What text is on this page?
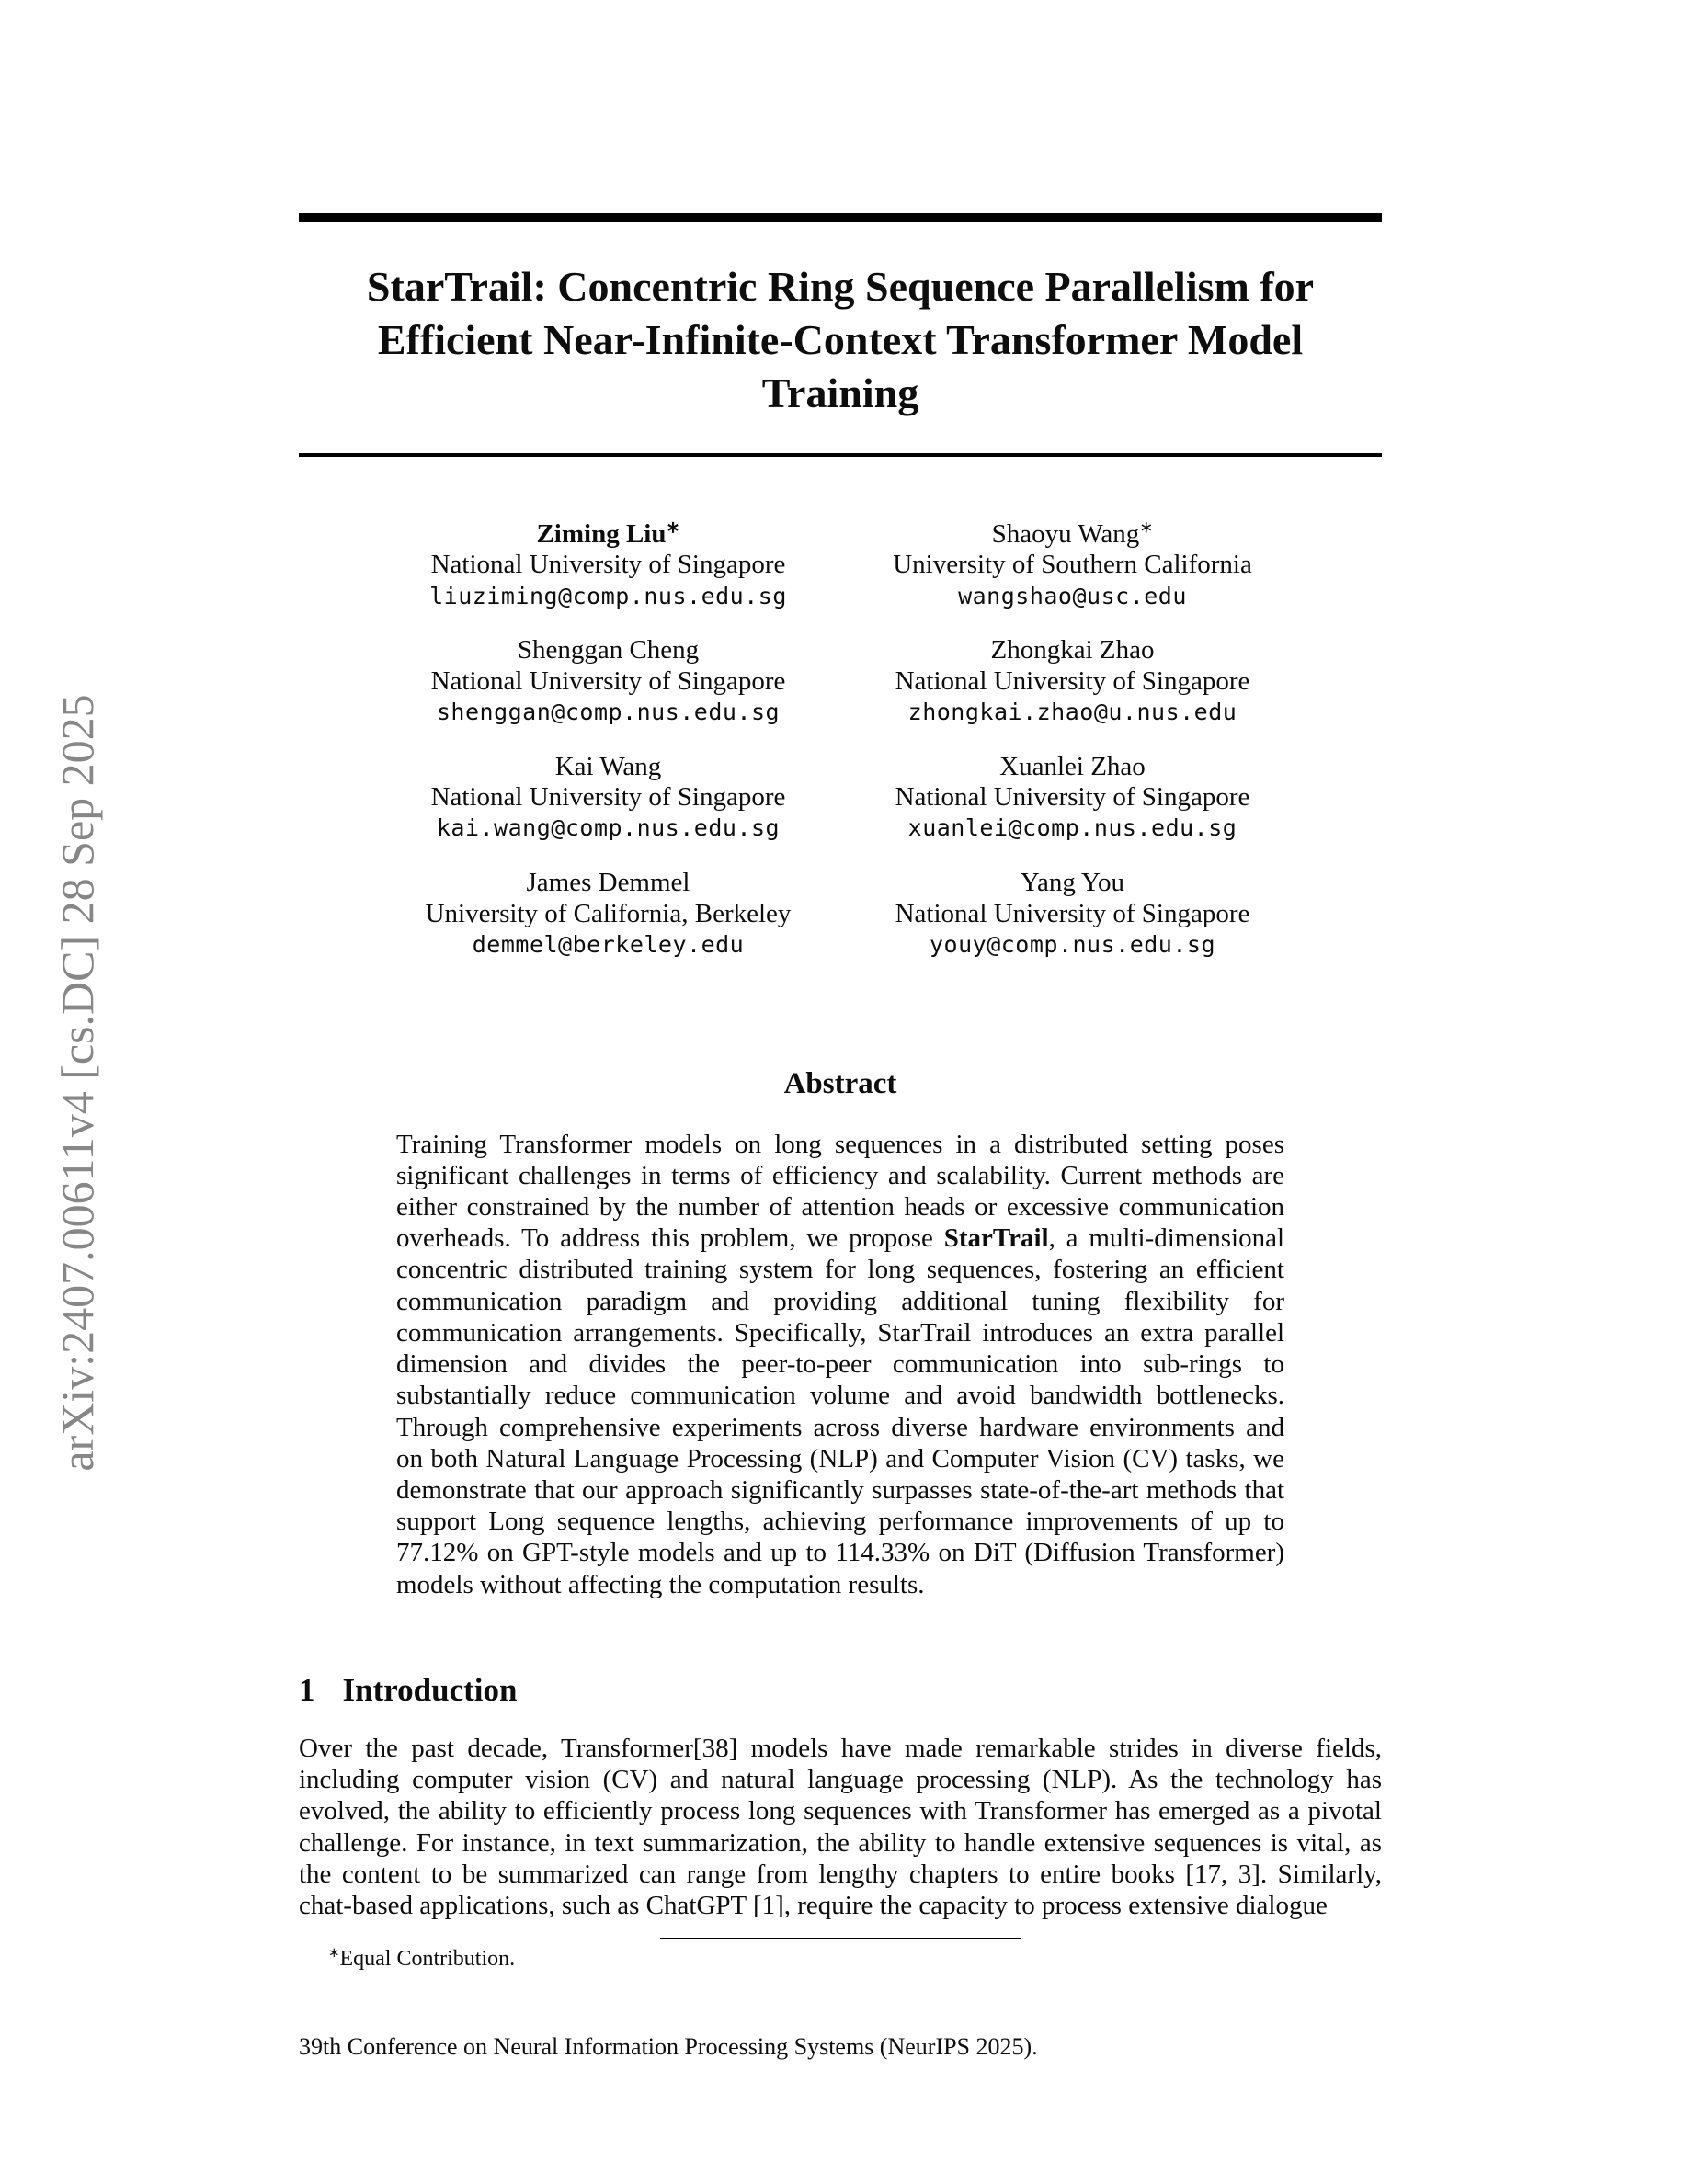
arXiv:2407.00611v4 [cs.DC] 28 Sep 2025
StarTrail: Concentric Ring Sequence Parallelism for Efficient Near-Infinite-Context Transformer Model Training
Ziming Liu∗
National University of Singapore
liuziming@comp.nus.edu.sg
Shaoyu Wang∗
University of Southern California
wangshao@usc.edu
Shenggan Cheng
National University of Singapore
shenggan@comp.nus.edu.sg
Zhongkai Zhao
National University of Singapore
zhongkai.zhao@u.nus.edu
Kai Wang
National University of Singapore
kai.wang@comp.nus.edu.sg
Xuanlei Zhao
National University of Singapore
xuanlei@comp.nus.edu.sg
James Demmel
University of California, Berkeley
demmel@berkeley.edu
Yang You
National University of Singapore
youy@comp.nus.edu.sg
Abstract
Training Transformer models on long sequences in a distributed setting poses significant challenges in terms of efficiency and scalability. Current methods are either constrained by the number of attention heads or excessive communication overheads. To address this problem, we propose StarTrail, a multi-dimensional concentric distributed training system for long sequences, fostering an efficient communication paradigm and providing additional tuning flexibility for communication arrangements. Specifically, StarTrail introduces an extra parallel dimension and divides the peer-to-peer communication into sub-rings to substantially reduce communication volume and avoid bandwidth bottlenecks. Through comprehensive experiments across diverse hardware environments and on both Natural Language Processing (NLP) and Computer Vision (CV) tasks, we demonstrate that our approach significantly surpasses state-of-the-art methods that support Long sequence lengths, achieving performance improvements of up to 77.12% on GPT-style models and up to 114.33% on DiT (Diffusion Transformer) models without affecting the computation results.
1 Introduction
Over the past decade, Transformer[38] models have made remarkable strides in diverse fields, including computer vision (CV) and natural language processing (NLP). As the technology has evolved, the ability to efficiently process long sequences with Transformer has emerged as a pivotal challenge. For instance, in text summarization, the ability to handle extensive sequences is vital, as the content to be summarized can range from lengthy chapters to entire books [17, 3]. Similarly, chat-based applications, such as ChatGPT [1], require the capacity to process extensive dialogue
∗Equal Contribution.
39th Conference on Neural Information Processing Systems (NeurIPS 2025).
